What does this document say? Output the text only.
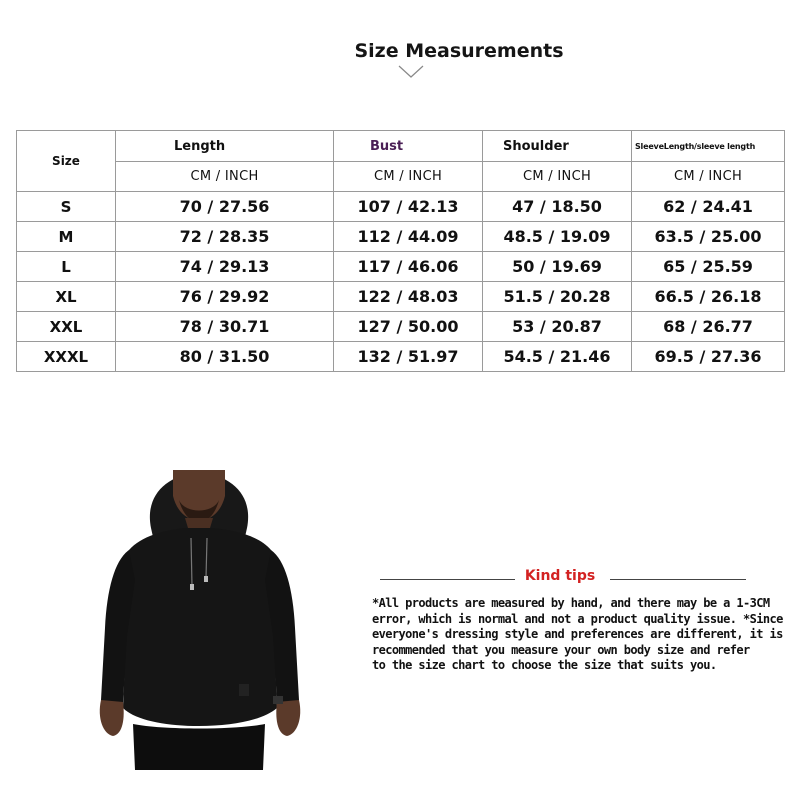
Size Measurements
Size	Length	Bust	Shoulder	SleeveLength/sleeve length
	CM / INCH	CM / INCH	CM / INCH	CM / INCH
S	70 / 27.56	107 / 42.13	47 / 18.50	62 / 24.41
M	72 / 28.35	112 / 44.09	48.5 / 19.09	63.5 / 25.00
L	74 / 29.13	117 / 46.06	50 / 19.69	65 / 25.59
XL	76 / 29.92	122 / 48.03	51.5 / 20.28	66.5 / 26.18
XXL	78 / 30.71	127 / 50.00	53 / 20.87	68 / 26.77
XXXL	80 / 31.50	132 / 51.97	54.5 / 21.46	69.5 / 27.36
Kind tips
*All products are measured by hand, and there may be a 1-3CM
error, which is normal and not a product quality issue. *Since
everyone's dressing style and preferences are different, it is
recommended that you measure your own body size and refer
to the size chart to choose the size that suits you.
